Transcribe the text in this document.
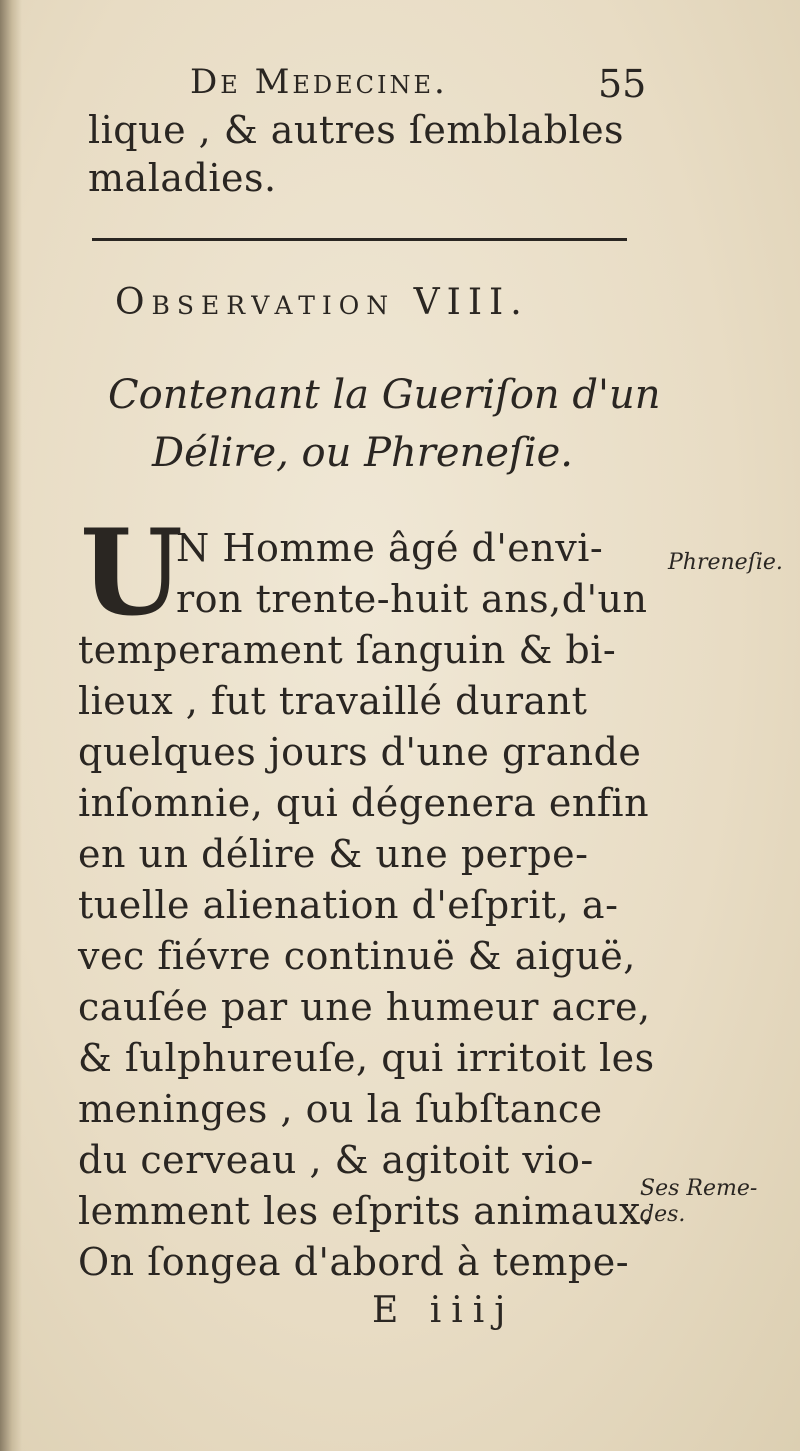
De Medecine.	55
lique , & autres ſemblables
maladies.
Observation VIII.
Contenant la Gueriſon d'un
Délire, ou Phreneſie.
U
N Homme âgé d'envi-
ron trente-huit ans,d'un
temperament ſanguin & bi-
lieux , fut travaillé durant
quelques jours d'une grande
inſomnie, qui dégenera enfin
en un délire & une perpe-
tuelle alienation d'eſprit, a-
vec fiévre continuë & aiguë,
cauſée par une humeur acre,
& ſulphureuſe, qui irritoit les
meninges , ou la ſubſtance
du cerveau , & agitoit vio-
lemment les eſprits animaux.
On ſongea d'abord à tempe-
Phreneſie.
Ses Reme-
des.
E iiij
